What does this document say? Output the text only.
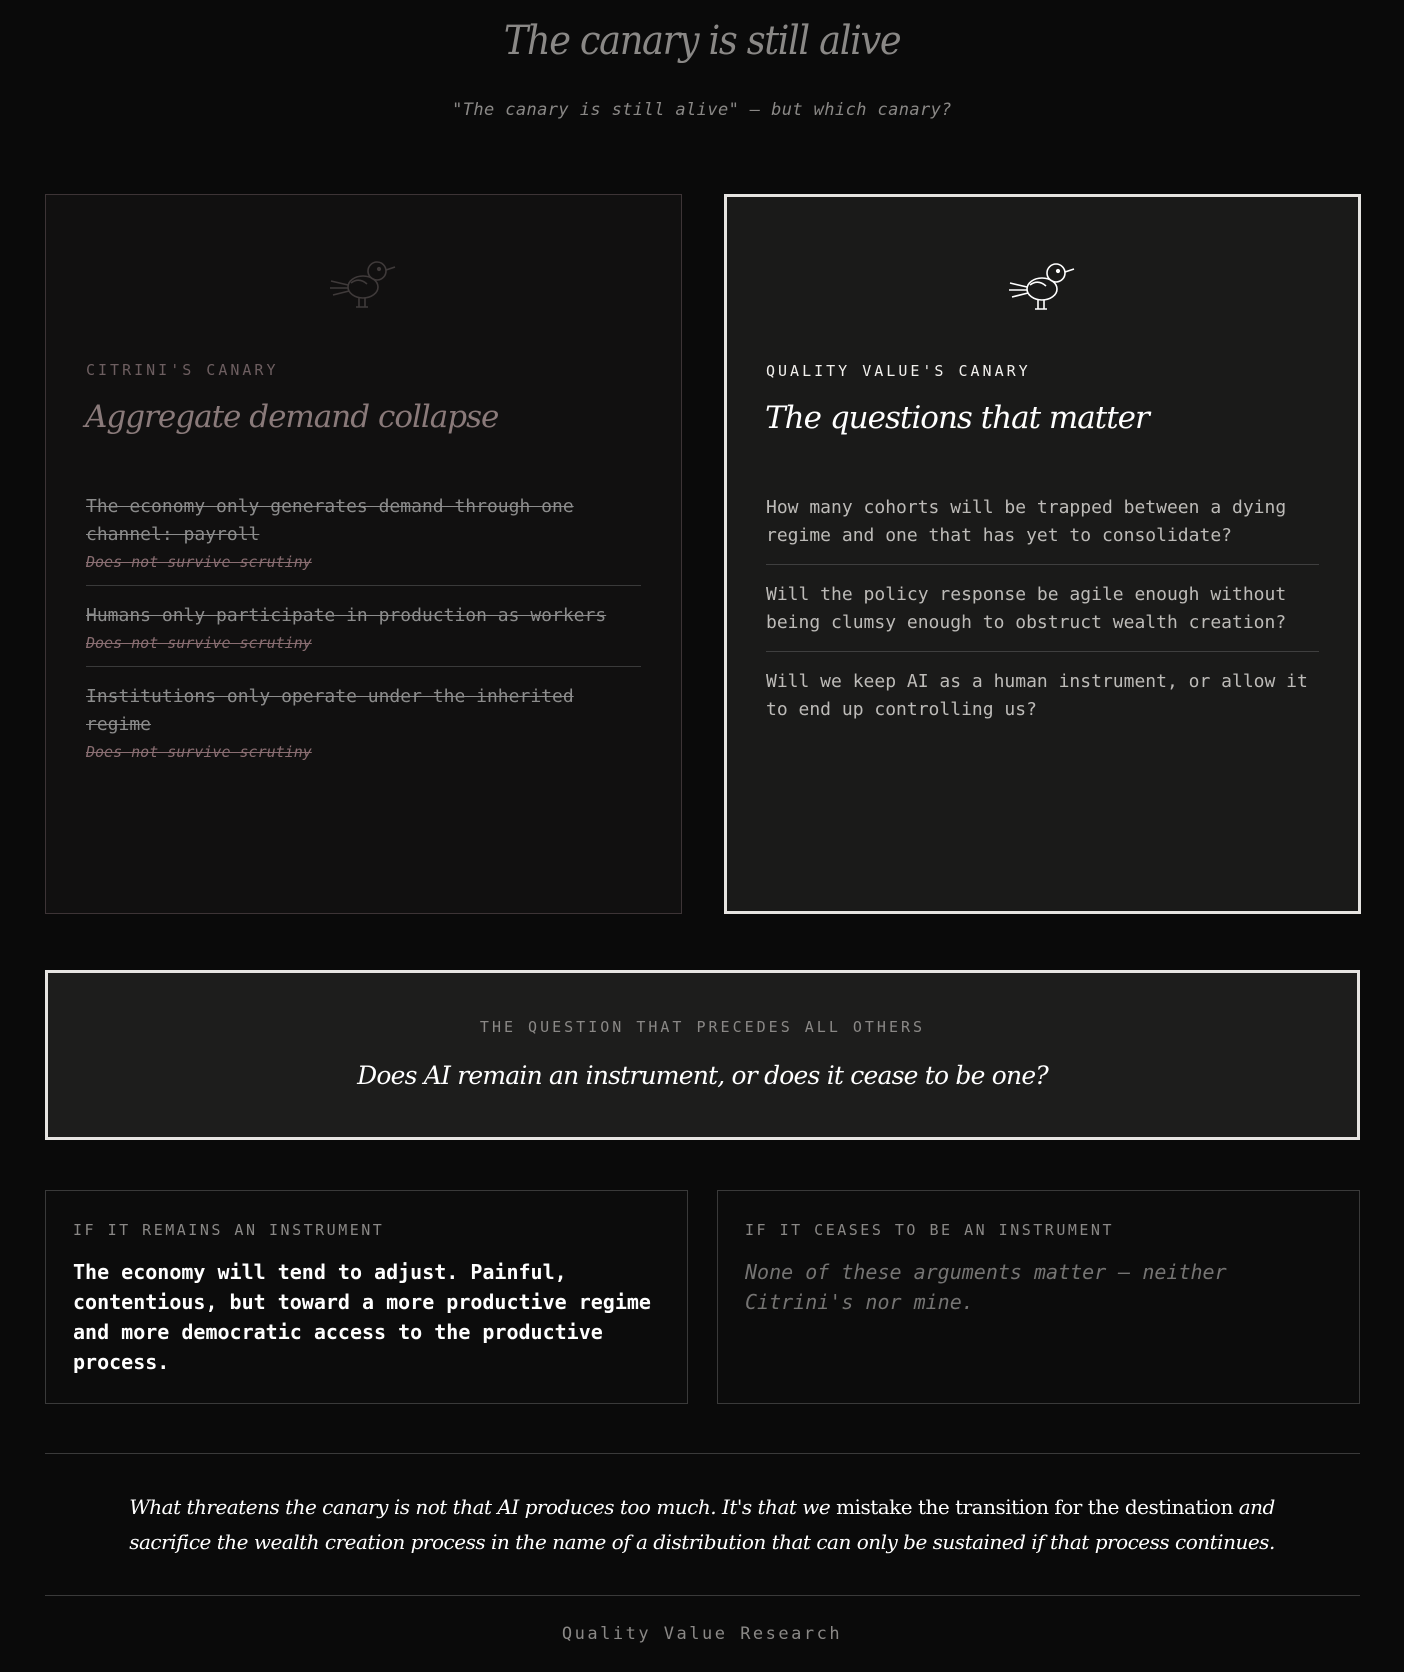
The canary is still alive
"The canary is still alive" — but which canary?
CITRINI'S CANARY
Aggregate demand collapse
The economy only generates demand through one channel: payroll
Does not survive scrutiny
Humans only participate in production as workers
Does not survive scrutiny
Institutions only operate under the inherited regime
Does not survive scrutiny
QUALITY VALUE'S CANARY
The questions that matter
How many cohorts will be trapped between a dying regime and one that has yet to consolidate?
Will the policy response be agile enough without being clumsy enough to obstruct wealth creation?
Will we keep AI as a human instrument, or allow it to end up controlling us?
THE QUESTION THAT PRECEDES ALL OTHERS
Does AI remain an instrument, or does it cease to be one?
IF IT REMAINS AN INSTRUMENT
The economy will tend to adjust. Painful, contentious, but toward a more productive regime and more democratic access to the productive process.
IF IT CEASES TO BE AN INSTRUMENT
None of these arguments matter — neither Citrini's nor mine.
What threatens the canary is not that AI produces too much. It's that we mistake the transition for the destination and sacrifice the wealth creation process in the name of a distribution that can only be sustained if that process continues.
Quality Value Research
